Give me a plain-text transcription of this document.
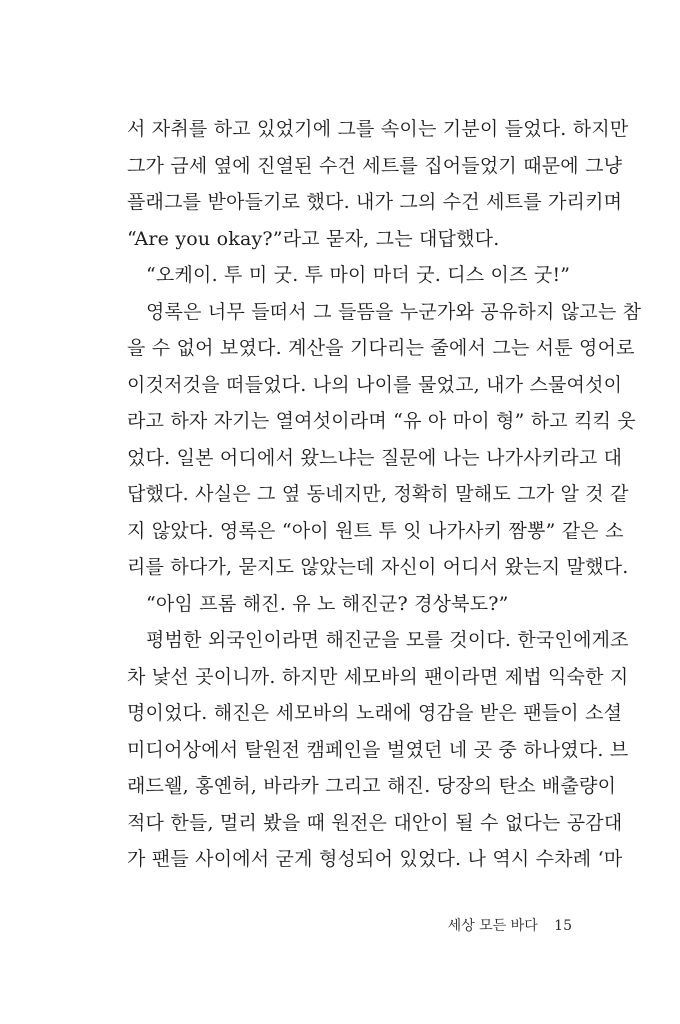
서 자취를 하고 있었기에 그를 속이는 기분이 들었다. 하지만
그가 금세 옆에 진열된 수건 세트를 집어들었기 때문에 그냥
플래그를 받아들기로 했다. 내가 그의 수건 세트를 가리키며
“Are you okay?”라고 묻자, 그는 대답했다.
“오케이. 투 미 굿. 투 마이 마더 굿. 디스 이즈 굿!”
영록은 너무 들떠서 그 들뜸을 누군가와 공유하지 않고는 참
을 수 없어 보였다. 계산을 기다리는 줄에서 그는 서툰 영어로
이것저것을 떠들었다. 나의 나이를 물었고, 내가 스물여섯이
라고 하자 자기는 열여섯이라며 “유 아 마이 형” 하고 킥킥 웃
었다. 일본 어디에서 왔느냐는 질문에 나는 나가사키라고 대
답했다. 사실은 그 옆 동네지만, 정확히 말해도 그가 알 것 같
지 않았다. 영록은 “아이 원트 투 잇 나가사키 짬뽕” 같은 소
리를 하다가, 묻지도 않았는데 자신이 어디서 왔는지 말했다.
“아임 프롬 해진. 유 노 해진군? 경상북도?”
평범한 외국인이라면 해진군을 모를 것이다. 한국인에게조
차 낯선 곳이니까. 하지만 세모바의 팬이라면 제법 익숙한 지
명이었다. 해진은 세모바의 노래에 영감을 받은 팬들이 소셜
미디어상에서 탈원전 캠페인을 벌였던 네 곳 중 하나였다. 브
래드웰, 홍옌허, 바라카 그리고 해진. 당장의 탄소 배출량이
적다 한들, 멀리 봤을 때 원전은 대안이 될 수 없다는 공감대
가 팬들 사이에서 굳게 형성되어 있었다. 나 역시 수차례 ‘마
세상 모든 바다 15
